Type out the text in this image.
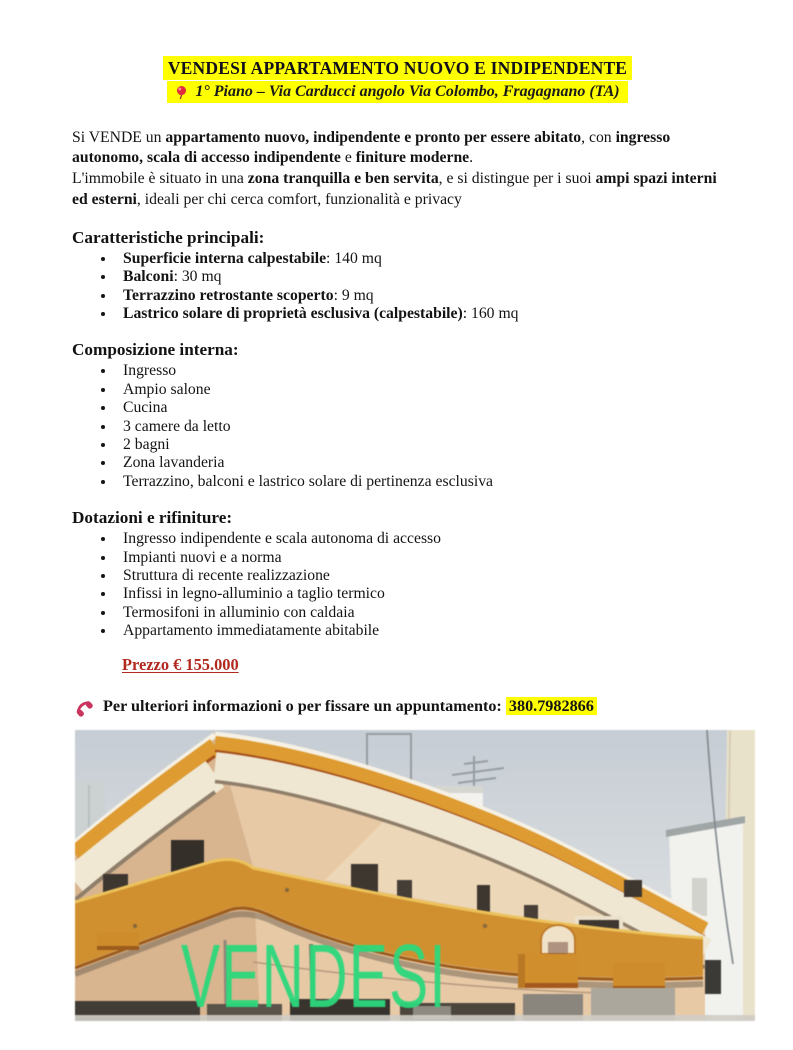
VENDESI APPARTAMENTO NUOVO E INDIPENDENTE

1° Piano – Via Carducci angolo Via Colombo, Fragagnano (TA)
Si VENDE un appartamento nuovo, indipendente e pronto per essere abitato, con ingresso autonomo, scala di accesso indipendente e finiture moderne.
L'immobile è situato in una zona tranquilla e ben servita, e si distingue per i suoi ampi spazi interni ed esterni, ideali per chi cerca comfort, funzionalità e privacy
Caratteristiche principali:
• Superficie interna calpestabile: 140 mq
• Balconi: 30 mq
• Terrazzino retrostante scoperto: 9 mq
• Lastrico solare di proprietà esclusiva (calpestabile): 160 mq
Composizione interna:
• Ingresso
• Ampio salone
• Cucina
• 3 camere da letto
• 2 bagni
• Zona lavanderia
• Terrazzino, balconi e lastrico solare di pertinenza esclusiva
Dotazioni e rifiniture:
• Ingresso indipendente e scala autonoma di accesso
• Impianti nuovi e a norma
• Struttura di recente realizzazione
• Infissi in legno-alluminio a taglio termico
• Termosifoni in alluminio con caldaia
• Appartamento immediatamente abitabile
Prezzo € 155.000
Per ulteriori informazioni o per fissare un appuntamento: 380.7982866
VENDESI
